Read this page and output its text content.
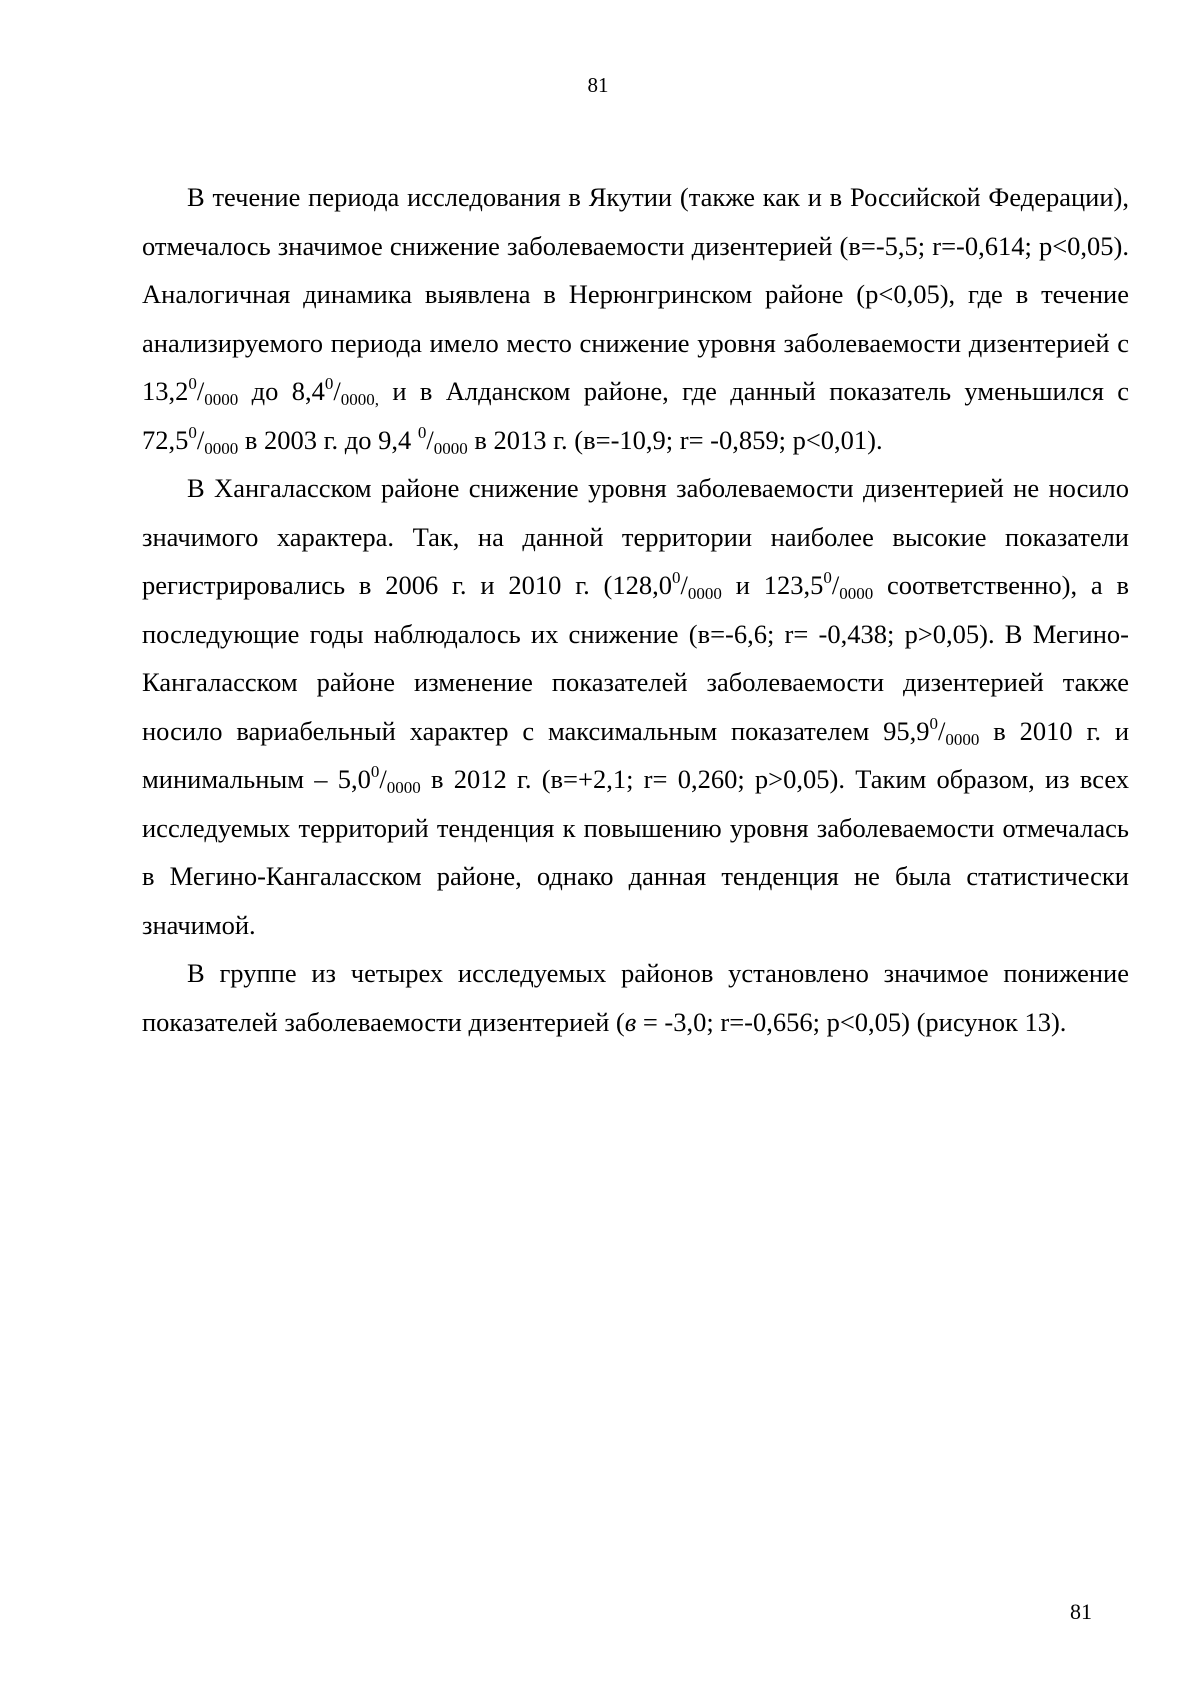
81

В течение периода исследования в Якутии (также как и в Российской Федерации), отмечалось значимое снижение заболеваемости дизентерией (в=-5,5; r=-0,614; p<0,05). Аналогичная динамика выявлена в Нерюнгринском районе (p<0,05), где в течение анализируемого периода имело место снижение уровня заболеваемости дизентерией с $13,2^0/_{0000}$ до $8,4^0/_{0000,}$ и в Алданском районе, где данный показатель уменьшился с $72,5^0/_{0000}$ в 2003 г. до 9,4 $^0/_{0000}$ в 2013 г. (в=-10,9; r= -0,859; p<0,01).

В Хангаласском районе снижение уровня заболеваемости дизентерией не носило значимого характера. Так, на данной территории наиболее высокие показатели регистрировались в 2006 г. и 2010 г. ($128,0^0/_{0000}$ и $123,5^0/_{0000}$ соответственно), а в последующие годы наблюдалось их снижение (в=-6,6; r= -0,438; p>0,05). В Мегино-Кангаласском районе изменение показателей заболеваемости дизентерией также носило вариабельный характер с максимальным показателем $95,9^0/_{0000}$ в 2010 г. и минимальным – $5,0^0/_{0000}$ в 2012 г. (в=+2,1; r= 0,260; p>0,05). Таким образом, из всех исследуемых территорий тенденция к повышению уровня заболеваемости отмечалась в Мегино-Кангаласском районе, однако данная тенденция не была статистически значимой.

В группе из четырех исследуемых районов установлено значимое понижение показателей заболеваемости дизентерией (в = -3,0; r=-0,656; p<0,05) (рисунок 13).

81
